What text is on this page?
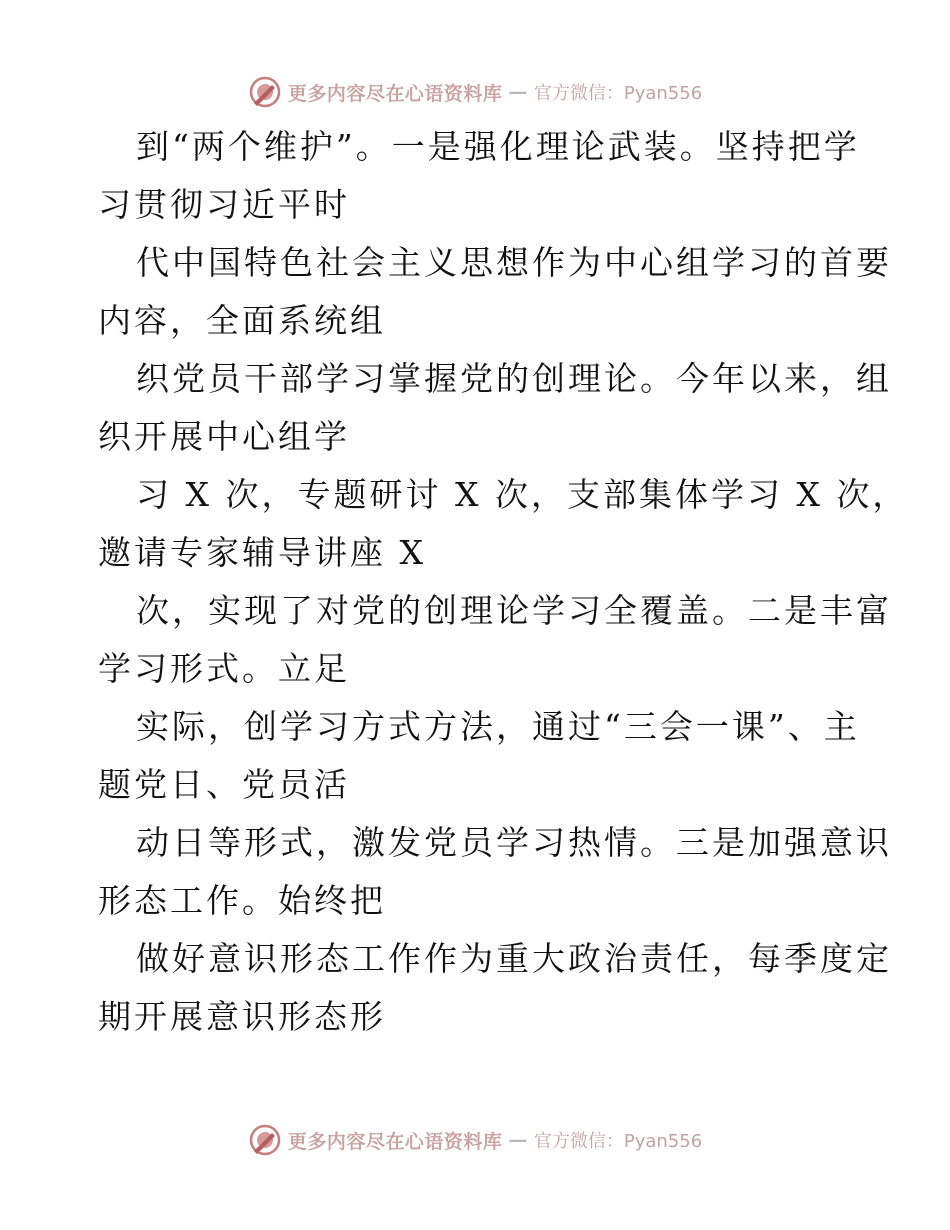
更多内容尽在心语资料库 — 官方微信：Pyan556
到“两个维护”。一是强化理论武装。坚持把学
习贯彻习近平时
代中国特色社会主义思想作为中心组学习的首要
内容，全面系统组
织党员干部学习掌握党的创理论。今年以来，组
织开展中心组学
习 X 次，专题研讨 X 次，支部集体学习 X 次，
邀请专家辅导讲座 X
次，实现了对党的创理论学习全覆盖。二是丰富
学习形式。立足
实际，创学习方式方法，通过“三会一课”、主
题党日、党员活
动日等形式，激发党员学习热情。三是加强意识
形态工作。始终把
做好意识形态工作作为重大政治责任，每季度定
期开展意识形态形
更多内容尽在心语资料库 — 官方微信：Pyan556
